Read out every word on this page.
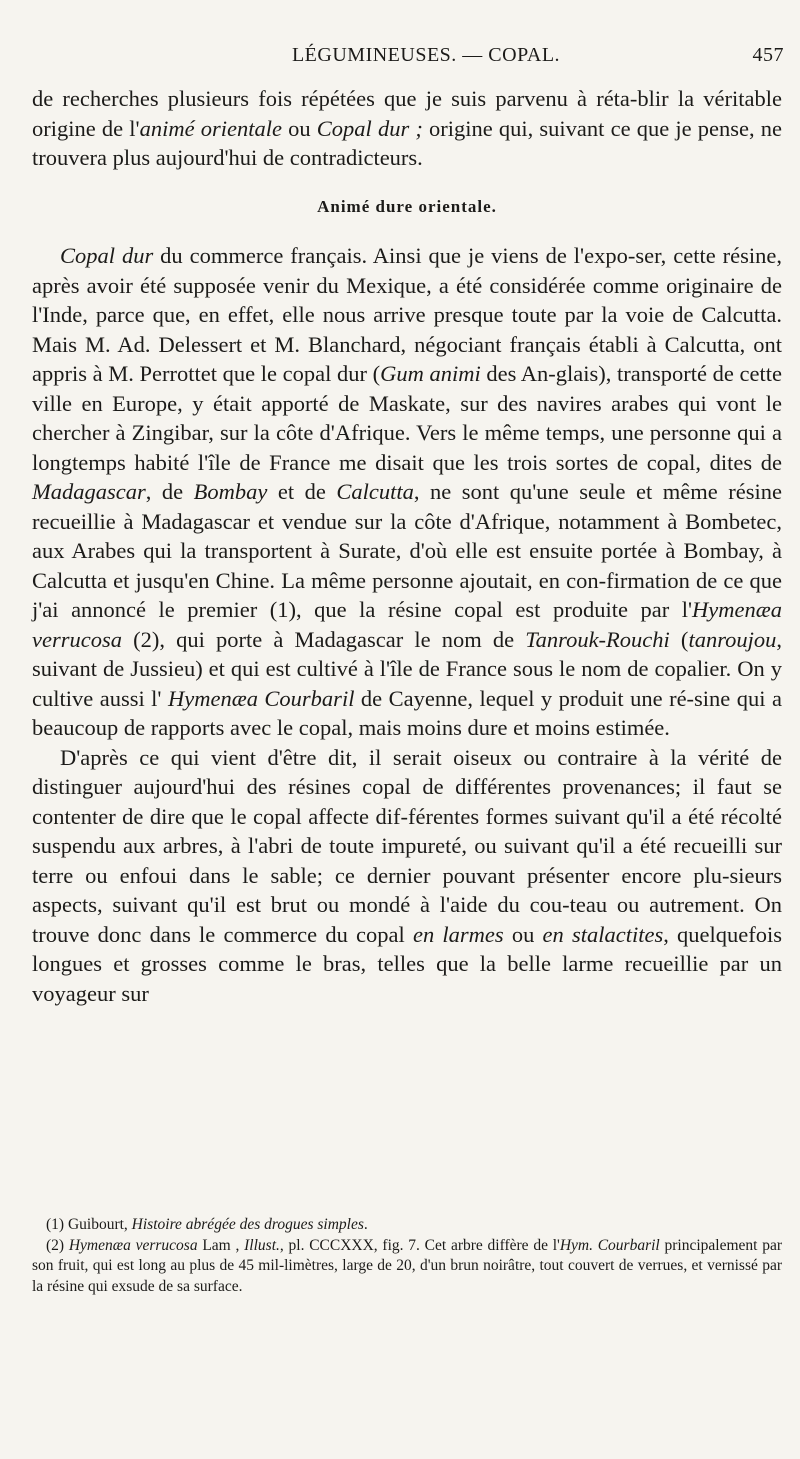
LÉGUMINEUSES. — COPAL.	457

de recherches plusieurs fois répétées que je suis parvenu à réta-blir la véritable origine de l'animé orientale ou Copal dur ; origine qui, suivant ce que je pense, ne trouvera plus aujourd'hui de contradicteurs.

Animé dure orientale.

Copal dur du commerce français. Ainsi que je viens de l'expo-ser, cette résine, après avoir été supposée venir du Mexique, a été considérée comme originaire de l'Inde, parce que, en effet, elle nous arrive presque toute par la voie de Calcutta. Mais M. Ad. Delessert et M. Blanchard, négociant français établi à Calcutta, ont appris à M. Perrottet que le copal dur (Gum animi des An-glais), transporté de cette ville en Europe, y était apporté de Maskate, sur des navires arabes qui vont le chercher à Zingibar, sur la côte d'Afrique. Vers le même temps, une personne qui a longtemps habité l'île de France me disait que les trois sortes de copal, dites de Madagascar, de Bombay et de Calcutta, ne sont qu'une seule et même résine recueillie à Madagascar et vendue sur la côte d'Afrique, notamment à Bombetec, aux Arabes qui la transportent à Surate, d'où elle est ensuite portée à Bombay, à Calcutta et jusqu'en Chine. La même personne ajoutait, en con-firmation de ce que j'ai annoncé le premier (1), que la résine copal est produite par l'Hymenæa verrucosa (2), qui porte à Madagascar le nom de Tanrouk-Rouchi (tanroujou, suivant de Jussieu) et qui est cultivé à l'île de France sous le nom de copalier. On y cultive aussi l' Hymenæa Courbaril de Cayenne, lequel y produit une ré-sine qui a beaucoup de rapports avec le copal, mais moins dure et moins estimée.

D'après ce qui vient d'être dit, il serait oiseux ou contraire à la vérité de distinguer aujourd'hui des résines copal de différentes provenances; il faut se contenter de dire que le copal affecte dif-férentes formes suivant qu'il a été récolté suspendu aux arbres, à l'abri de toute impureté, ou suivant qu'il a été recueilli sur terre ou enfoui dans le sable; ce dernier pouvant présenter encore plu-sieurs aspects, suivant qu'il est brut ou mondé à l'aide du cou-teau ou autrement. On trouve donc dans le commerce du copal en larmes ou en stalactites, quelquefois longues et grosses comme le bras, telles que la belle larme recueillie par un voyageur sur

(1) Guibourt, Histoire abrégée des drogues simples.

(2) Hymenæa verrucosa Lam , Illust., pl. CCCXXX, fig. 7. Cet arbre diffère de l'Hym. Courbaril principalement par son fruit, qui est long au plus de 45 mil-limètres, large de 20, d'un brun noirâtre, tout couvert de verrues, et vernissé par la résine qui exsude de sa surface.
